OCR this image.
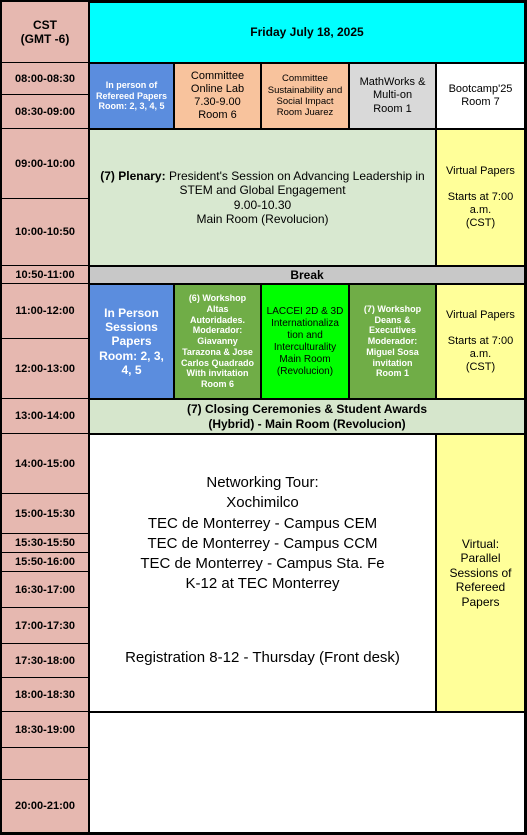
CST
(GMT -6)	Friday July 18, 2025
08:00-08:30
08:30-09:00
09:00-10:00
10:00-10:50
10:50-11:00
11:00-12:00
12:00-13:00
13:00-14:00
14:00-15:00
15:00-15:30
15:30-15:50
15:50-16:00
16:30-17:00
17:00-17:30
17:30-18:00
18:00-18:30
18:30-19:00
20:00-21:00
In person of
Refereed Papers
Room: 2, 3, 4, 5
Committee
Online Lab
7.30-9.00
Room 6
Committee
Sustainability and
Social Impact
Room Juarez
MathWorks &
Multi-on
Room 1
Bootcamp'25
Room 7
(7) Plenary: President's Session on Advancing Leadership in
STEM and Global Engagement
9.00-10.30
Main Room (Revolucion)
Virtual Papers

Starts at 7:00
a.m.
(CST)
Break
In Person
Sessions
Papers
Room: 2, 3,
4, 5
(6) Workshop
Altas
Autoridades.
Moderador:
Giavanny
Tarazona & Jose
Carlos Quadrado
With invitation
Room 6
LACCEI 2D & 3D
Internationaliza
tion and
Interculturality
Main Room
(Revolucion)
(7) Workshop
Deans &
Executives
Moderador:
Miguel Sosa
invitation
Room 1
Virtual Papers

Starts at 7:00
a.m.
(CST)
(7) Closing Ceremonies & Student Awards
(Hybrid) - Main Room (Revolucion)
Networking Tour:
Xochimilco
TEC de Monterrey - Campus CEM
TEC de Monterrey - Campus CCM
TEC de Monterrey - Campus Sta. Fe
K-12 at TEC Monterrey
Registration 8-12 - Thursday (Front desk)
Virtual:
Parallel
Sessions of
Refereed
Papers
